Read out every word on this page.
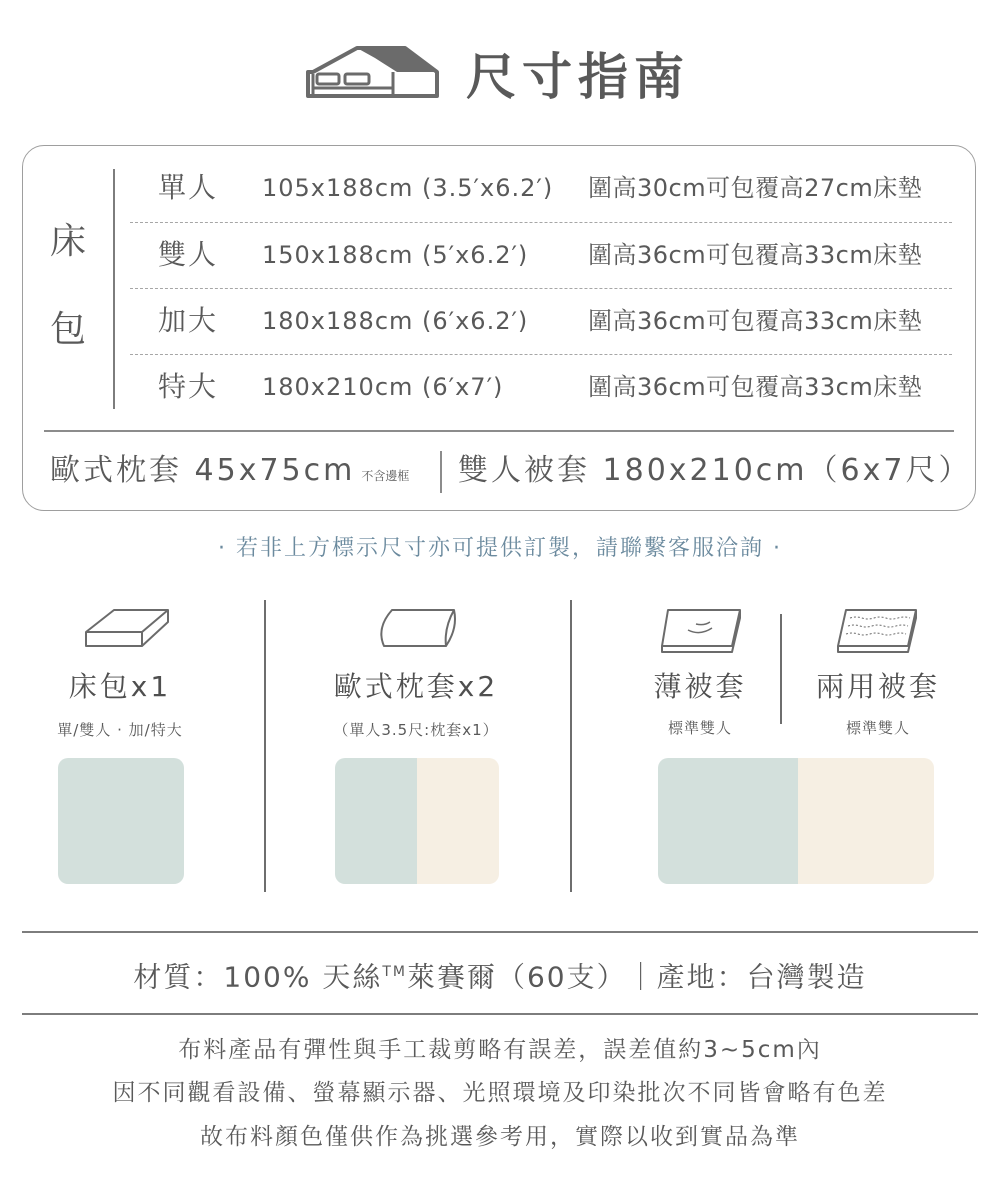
尺寸指南
床
包
單人 105x188cm (3.5′x6.2′) 圍高30cm可包覆高27cm床墊
雙人 150x188cm (5′x6.2′) 圍高36cm可包覆高33cm床墊
加大 180x188cm (6′x6.2′) 圍高36cm可包覆高33cm床墊
特大 180x210cm (6′x7′)	圍高36cm可包覆高33cm床墊
歐式枕套 45x75cm 不含邊框 雙人被套 180x210cm（6x7尺）
· 若非上方標示尺寸亦可提供訂製，請聯繫客服洽詢 ·
床包x1
單/雙人 · 加/特大
歐式枕套x2
（單人3.5尺:枕套x1）
薄被套
標準雙人
兩用被套
標準雙人
材質：100% 天絲™萊賽爾（60支）｜產地：台灣製造
布料產品有彈性與手工裁剪略有誤差，誤差值約3~5cm內
因不同觀看設備、螢幕顯示器、光照環境及印染批次不同皆會略有色差
故布料顏色僅供作為挑選參考用，實際以收到實品為準
